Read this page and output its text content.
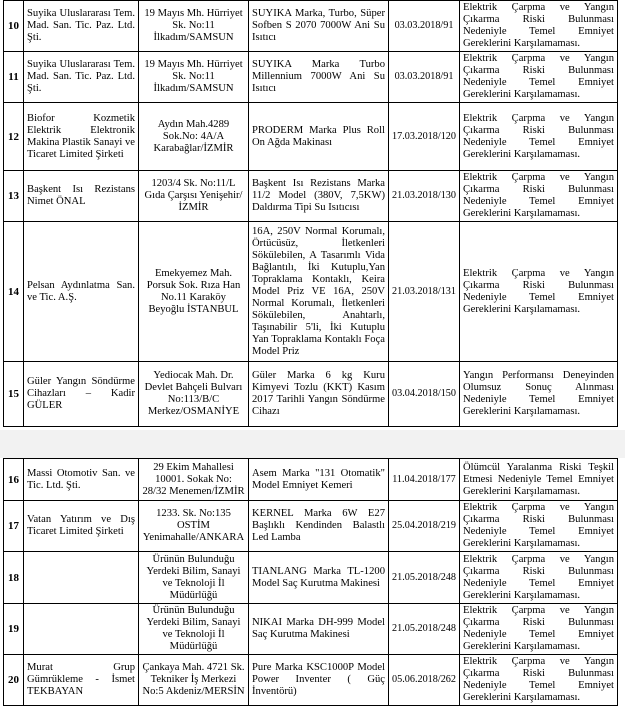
10	Suyika Uluslararası Tem. Mad. San. Tic. Paz. Ltd. Şti.	19 Mayıs Mh. Hürriyet Sk. No:11 İlkadım/SAMSUN	SUYIKA Marka, Turbo, Süper Sofben S 2070 7000W Ani Su Isıtıcı	03.03.2018/91	Elektrik Çarpma ve Yangın Çıkarma Riski Bulunması Nedeniyle Temel Emniyet Gereklerini Karşılamaması.
11	Suyika Uluslararası Tem. Mad. San. Tic. Paz. Ltd. Şti.	19 Mayıs Mh. Hürriyet Sk. No:11 İlkadım/SAMSUN	SUYIKA Marka Turbo Millennium 7000W Ani Su Isıtıcı	03.03.2018/91	Elektrik Çarpma ve Yangın Çıkarma Riski Bulunması Nedeniyle Temel Emniyet Gereklerini Karşılamaması.
12	Biofor Kozmetik Elektrik Elektronik Makina Plastik Sanayi ve Ticaret Limited Şirketi	Aydın Mah.4289 Sok.No: 4A/A Karabağlar/İZMİR	PRODERM Marka Plus Roll On Ağda Makinası	17.03.2018/120	Elektrik Çarpma ve Yangın Çıkarma Riski Bulunması Nedeniyle Temel Emniyet Gereklerini Karşılamaması.
13	Başkent Isı Rezistans Nimet ÖNAL	1203/4 Sk. No:11/L Gıda Çarşısı Yenişehir/İZMİR	Başkent Isı Rezistans Marka 11/2 Model (380V, 7,5KW) Daldırma Tipi Su Isıtıcısı	21.03.2018/130	Elektrik Çarpma ve Yangın Çıkarma Riski Bulunması Nedeniyle Temel Emniyet Gereklerini Karşılamaması.
14	Pelsan Aydınlatma San. ve Tic. A.Ş.	Emekyemez Mah. Porsuk Sok. Rıza Han No.11 Karaköy Beyoğlu İSTANBUL	16A, 250V Normal Korumalı, Örtücüsüz, İletkenleri Sökülebilen, A Tasarımlı Vida Bağlantılı, İki Kutuplu,Yan Topraklama Kontaklı, Keira Model Priz VE 16A, 250V Normal Korumalı, İletkenleri Sökülebilen, Anahtarlı, Taşınabilir 5'li, İki Kutuplu Yan Topraklama Kontaklı Foça Model Priz	21.03.2018/131	Elektrik Çarpma ve Yangın Çıkarma Riski Bulunması Nedeniyle Temel Emniyet Gereklerini Karşılamaması.
15	Güler Yangın Söndürme Cihazları – Kadir GÜLER	Yediocak Mah. Dr. Devlet Bahçeli Bulvarı No:113/B/C Merkez/OSMANİYE	Güler Marka 6 kg Kuru Kimyevi Tozlu (KKT) Kasım 2017 Tarihli Yangın Söndürme Cihazı	03.04.2018/150	Yangın Performansı Deneyinden Olumsuz Sonuç Alınması Nedeniyle Temel Emniyet Gereklerini Karşılamaması.
16	Massi Otomotiv San. ve Tic. Ltd. Şti.	29 Ekim Mahallesi 10001. Sokak No: 28/32 Menemen/İZMİR	Asem Marka "131 Otomatik" Model Emniyet Kemeri	11.04.2018/177	Ölümcül Yaralanma Riski Teşkil Etmesi Nedeniyle Temel Emniyet Gereklerini Karşılamaması.
17	Vatan Yatırım ve Dış Ticaret Limited Şirketi	1233. Sk. No:135 OSTİM Yenimahalle/ANKARA	KERNEL Marka 6W E27 Başlıklı Kendinden Balastlı Led Lamba	25.04.2018/219	Elektrik Çarpma ve Yangın Çıkarma Riski Bulunması Nedeniyle Temel Emniyet Gereklerini Karşılamaması.
18		Ürünün Bulunduğu Yerdeki Bilim, Sanayi ve Teknoloji İl Müdürlüğü	TIANLANG Marka TL-1200 Model Saç Kurutma Makinesi	21.05.2018/248	Elektrik Çarpma ve Yangın Çıkarma Riski Bulunması Nedeniyle Temel Emniyet Gereklerini Karşılamaması.
19		Ürünün Bulunduğu Yerdeki Bilim, Sanayi ve Teknoloji İl Müdürlüğü	NIKAI Marka DH-999 Model Saç Kurutma Makinesi	21.05.2018/248	Elektrik Çarpma ve Yangın Çıkarma Riski Bulunması Nedeniyle Temel Emniyet Gereklerini Karşılamaması.
20	Murat Grup Gümrükleme - İsmet TEKBAYAN	Çankaya Mah. 4721 Sk. Tekniker İş Merkezi No:5 Akdeniz/MERSİN	Pure Marka KSC1000P Model Power Inventer ( Güç İnventörü)	05.06.2018/262	Elektrik Çarpma ve Yangın Çıkarma Riski Bulunması Nedeniyle Temel Emniyet Gereklerini Karşılamaması.
